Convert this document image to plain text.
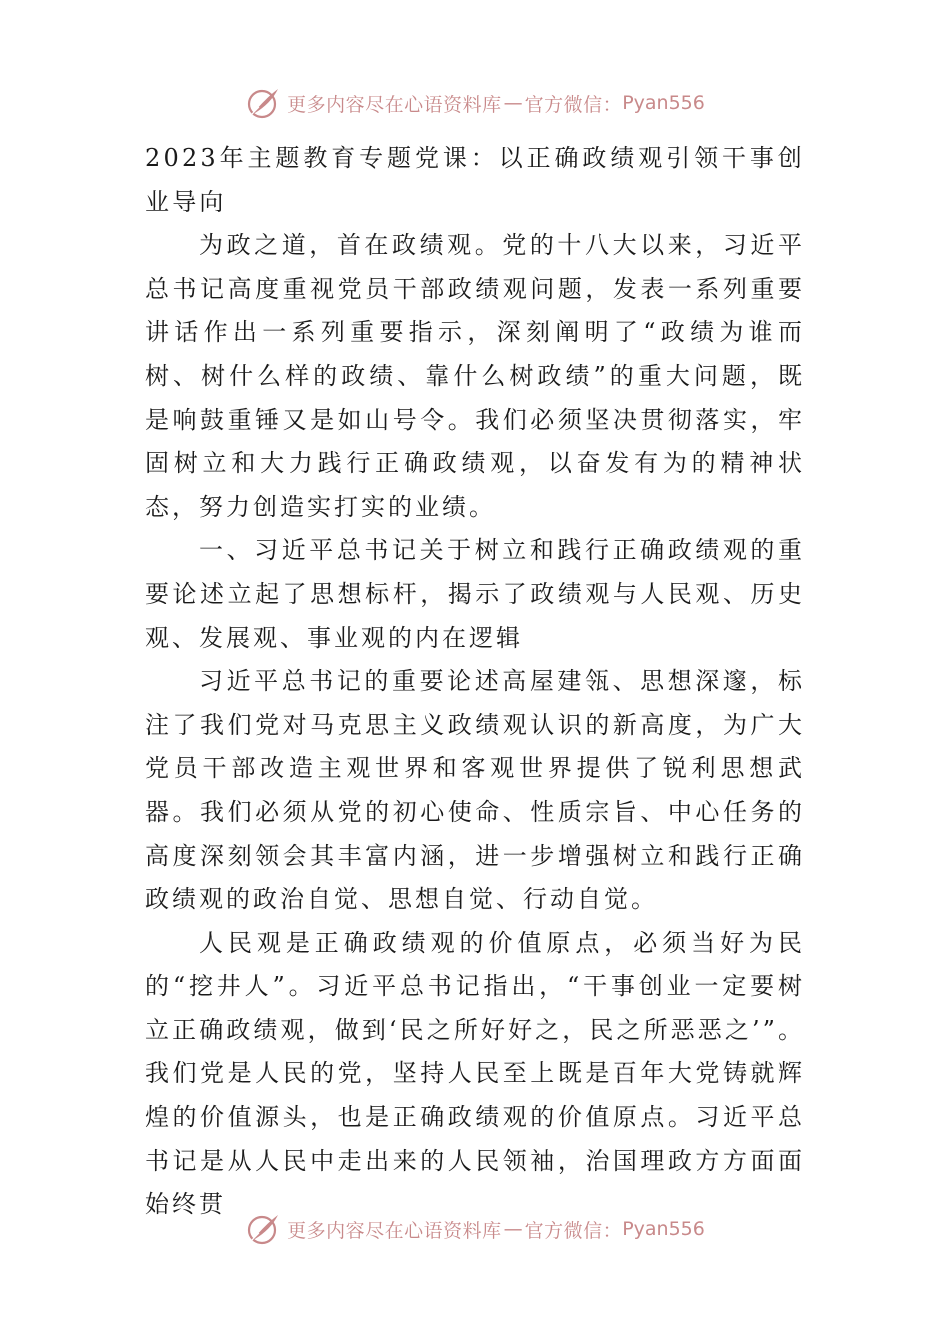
更多内容尽在心语资料库 — 官方微信： Pyan556

2023年主题教育专题党课：以正确政绩观引领干事创业导向

为政之道，首在政绩观。党的十八大以来，习近平总书记高度重视党员干部政绩观问题，发表一系列重要讲话作出一系列重要指示，深刻阐明了“政绩为谁而树、树什么样的政绩、靠什么树政绩”的重大问题，既是响鼓重锤又是如山号令。我们必须坚决贯彻落实，牢固树立和大力践行正确政绩观，以奋发有为的精神状态，努力创造实打实的业绩。

一、习近平总书记关于树立和践行正确政绩观的重要论述立起了思想标杆，揭示了政绩观与人民观、历史观、发展观、事业观的内在逻辑

习近平总书记的重要论述高屋建瓴、思想深邃，标注了我们党对马克思主义政绩观认识的新高度，为广大党员干部改造主观世界和客观世界提供了锐利思想武器。我们必须从党的初心使命、性质宗旨、中心任务的高度深刻领会其丰富内涵，进一步增强树立和践行正确政绩观的政治自觉、思想自觉、行动自觉。

人民观是正确政绩观的价值原点，必须当好为民的“挖井人”。习近平总书记指出，“干事创业一定要树立正确政绩观，做到‘民之所好好之，民之所恶恶之’”。我们党是人民的党，坚持人民至上既是百年大党铸就辉煌的价值源头，也是正确政绩观的价值原点。习近平总书记是从人民中走出来的人民领袖，治国理政方方面面始终贯

更多内容尽在心语资料库 — 官方微信： Pyan556
